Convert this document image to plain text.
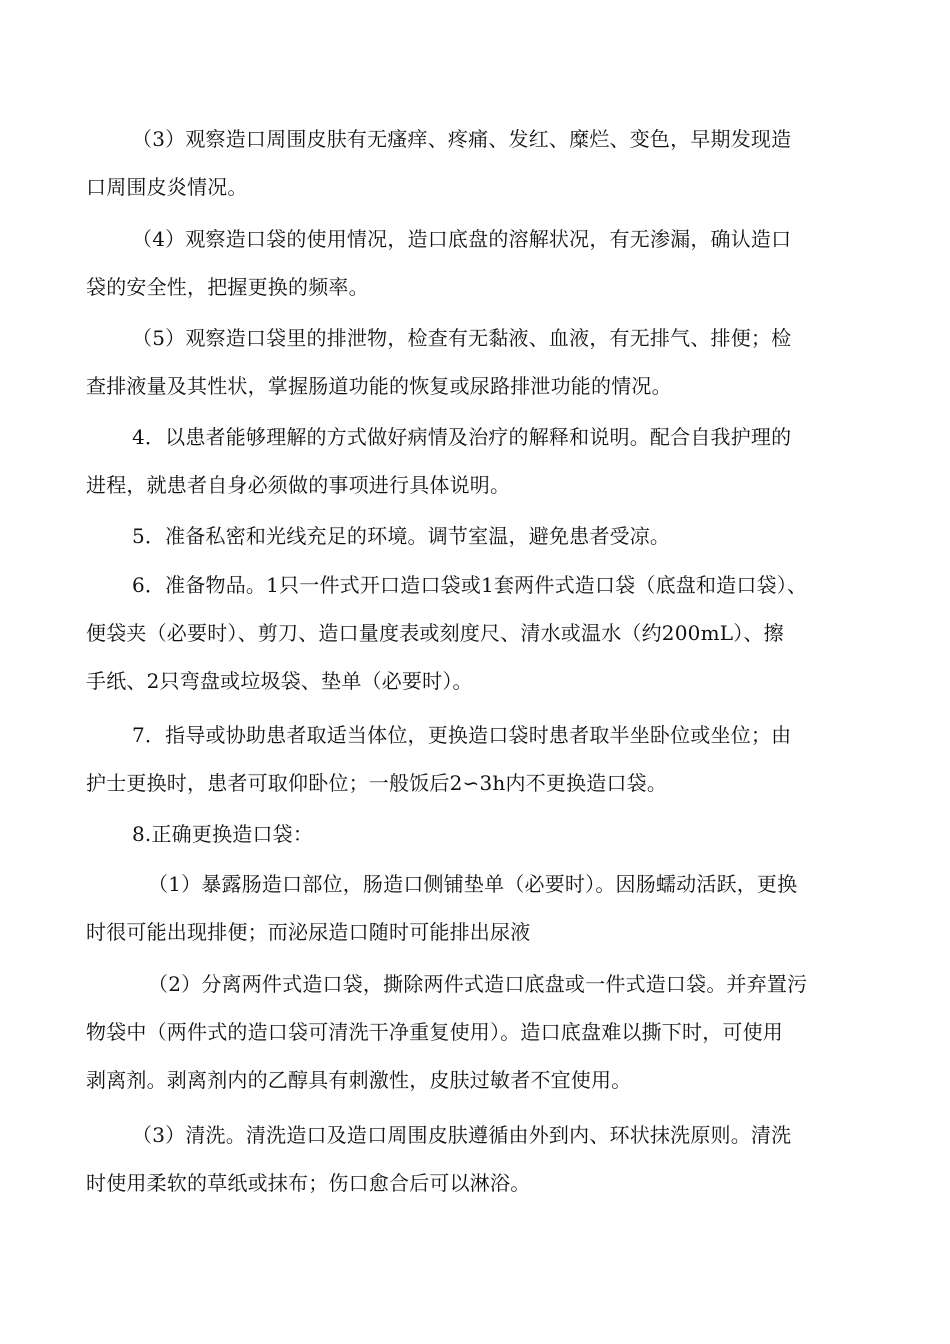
（3）观察造口周围皮肤有无瘙痒、疼痛、发红、糜烂、变色，早期发现造
口周围皮炎情况。

（4）观察造口袋的使用情况，造口底盘的溶解状况，有无渗漏，确认造口
袋的安全性，把握更换的频率。

（5）观察造口袋里的排泄物，检查有无黏液、血液，有无排气、排便；检
查排液量及其性状，掌握肠道功能的恢复或尿路排泄功能的情况。

4．以患者能够理解的方式做好病情及治疗的解释和说明。配合自我护理的
进程，就患者自身必须做的事项进行具体说明。

5．准备私密和光线充足的环境。调节室温，避免患者受凉。

6．准备物品。1只一件式开口造口袋或1套两件式造口袋（底盘和造口袋）、
便袋夹（必要时）、剪刀、造口量度表或刻度尺、清水或温水（约200mL）、擦
手纸、2只弯盘或垃圾袋、垫单（必要时）。

7．指导或协助患者取适当体位，更换造口袋时患者取半坐卧位或坐位；由
护士更换时，患者可取仰卧位；一般饭后2∽3h内不更换造口袋。

8.正确更换造口袋：

（1）暴露肠造口部位，肠造口侧铺垫单（必要时）。因肠蠕动活跃，更换
时很可能出现排便；而泌尿造口随时可能排出尿液

（2）分离两件式造口袋，撕除两件式造口底盘或一件式造口袋。并弃置污
物袋中（两件式的造口袋可清洗干净重复使用）。造口底盘难以撕下时，可使用
剥离剂。剥离剂内的乙醇具有刺激性，皮肤过敏者不宜使用。

（3）清洗。清洗造口及造口周围皮肤遵循由外到内、环状抹洗原则。清洗
时使用柔软的草纸或抹布；伤口愈合后可以淋浴。
